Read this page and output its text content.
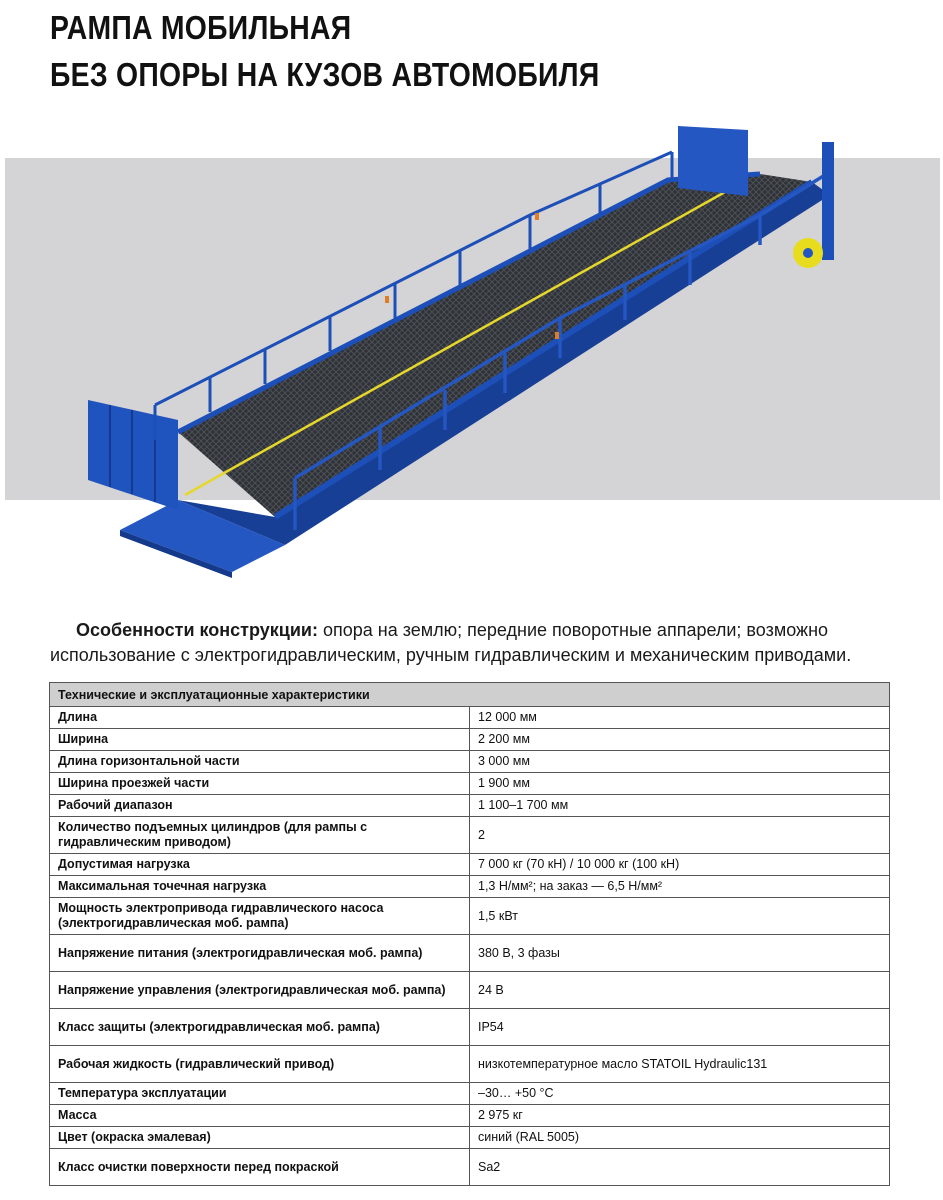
РАМПА МОБИЛЬНАЯ
БЕЗ ОПОРЫ НА КУЗОВ АВТОМОБИЛЯ

Особенности конструкции: опора на землю; передние поворотные аппарели; возможно использование с электрогидравлическим, ручным гидравлическим и механическим приводами.

Технические и эксплуатационные характеристики	
Длина	12 000 мм
Ширина	2 200 мм
Длина горизонтальной части	3 000 мм
Ширина проезжей части	1 900 мм
Рабочий диапазон	1 100–1 700 мм
Количество подъемных цилиндров (для рампы с гидравлическим приводом)	2
Допустимая нагрузка	7 000 кг (70 кН) / 10 000 кг (100 кН)
Максимальная точечная нагрузка	1,3 Н/мм²; на заказ — 6,5 Н/мм²
Мощность электропривода гидравлического насоса (электрогидравлическая моб. рампа)	1,5 кВт
Напряжение питания (электрогидравлическая моб. рампа)	380 В, 3 фазы
Напряжение управления (электрогидравлическая моб. рампа)	24 В
Класс защиты (электрогидравлическая моб. рампа)	IP54
Рабочая жидкость (гидравлический привод)	низкотемпературное масло STATOIL Hydraulic131
Температура эксплуатации	–30… +50 °С
Масса	2 975 кг
Цвет (окраска эмалевая)	синий (RAL 5005)
Класс очистки поверхности перед покраской	Sa2
